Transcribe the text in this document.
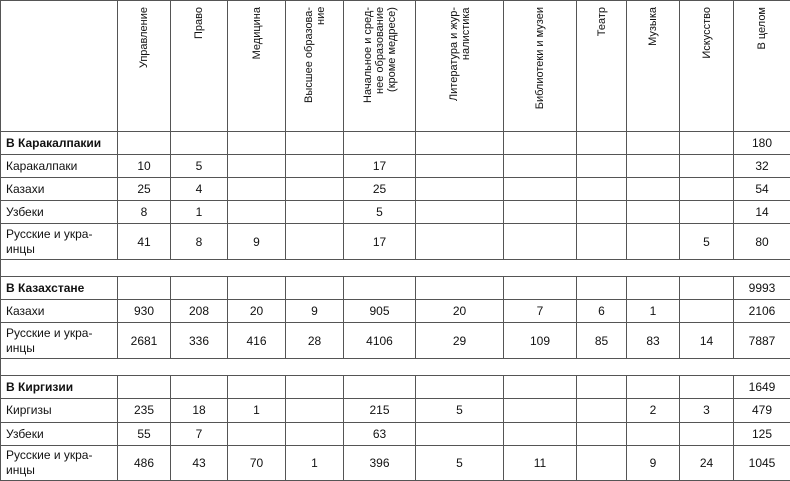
	Управление	Право	Медицина	Высшее образова-
ние	Начальное и сред-
нее образование
(кроме медресе)	Литература и жур-
налистика	Библиотеки и музеи	Театр	Музыка	Искусство	В целом

В Каракалпакии											180
Каракалпаки	10	5			17						32
Казахи	25	4			25						54
Узбеки	8	1			5						14
Русские и укра-
инцы	41	8	9		17					5	80

В Казахстане											9993
Казахи	930	208	20	9	905	20	7	6	1		2106
Русские и укра-
инцы	2681	336	416	28	4106	29	109	85	83	14	7887

В Киргизии											1649
Киргизы	235	18	1		215	5			2	3	479
Узбеки	55	7			63						125
Русские и укра-
инцы	486	43	70	1	396	5	11		9	24	1045
